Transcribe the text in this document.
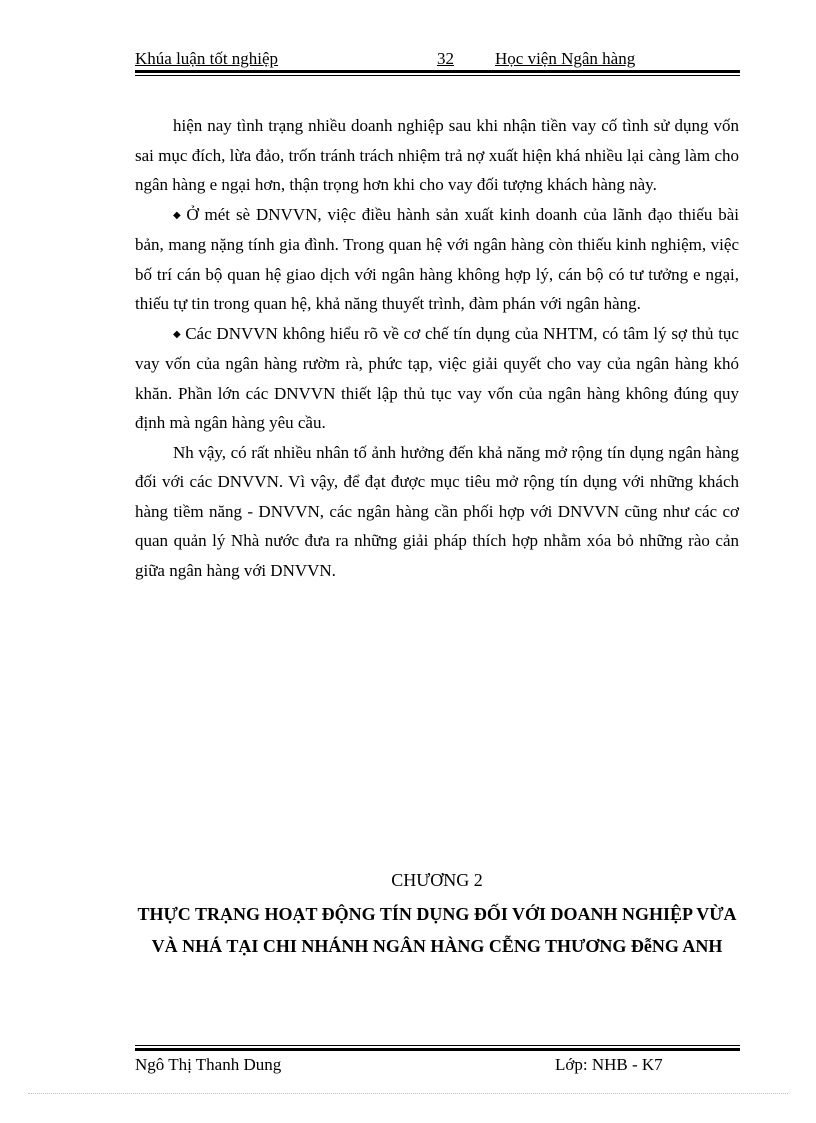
Khúa luận tốt nghiệp	32 Học viện Ngân hàng

hiện nay tình trạng nhiều doanh nghiệp sau khi nhận tiền vay cố tình sử dụng vốn sai mục đích, lừa đảo, trốn tránh trách nhiệm trả nợ xuất hiện khá nhiều lại càng làm cho ngân hàng e ngại hơn, thận trọng hơn khi cho vay đối tượng khách hàng này.

◆ Ở mét sè DNVVN, việc điều hành sản xuất kinh doanh của lãnh đạo thiếu bài bản, mang nặng tính gia đình. Trong quan hệ với ngân hàng còn thiếu kinh nghiệm, việc bố trí cán bộ quan hệ giao dịch với ngân hàng không hợp lý, cán bộ có tư tưởng e ngại, thiếu tự tin trong quan hệ, khả năng thuyết trình, đàm phán với ngân hàng.

◆ Các DNVVN không hiểu rõ về cơ chế tín dụng của NHTM, có tâm lý sợ thủ tục vay vốn của ngân hàng rườm rà, phức tạp, việc giải quyết cho vay của ngân hàng khó khăn. Phần lớn các DNVVN thiết lập thủ tục vay vốn của ngân hàng không đúng quy định mà ngân hàng yêu cầu.

Nh vậy, có rất nhiều nhân tố ảnh hưởng đến khả năng mở rộng tín dụng ngân hàng đối với các DNVVN. Vì vậy, để đạt được mục tiêu mở rộng tín dụng với những khách hàng tiềm năng - DNVVN, các ngân hàng cần phối hợp với DNVVN cũng như các cơ quan quản lý Nhà nước đưa ra những giải pháp thích hợp nhằm xóa bỏ những rào cản giữa ngân hàng với DNVVN.

CHƯƠNG 2
THỰC TRẠNG HOẠT ĐỘNG TÍN DỤNG ĐỐI VỚI DOANH NGHIỆP VỪA VÀ NHÁ TẠI CHI NHÁNH NGÂN HÀNG CỄNG THƯƠNG ĐễNG ANH
Ngô Thị Thanh Dung	Lớp: NHB - K7
